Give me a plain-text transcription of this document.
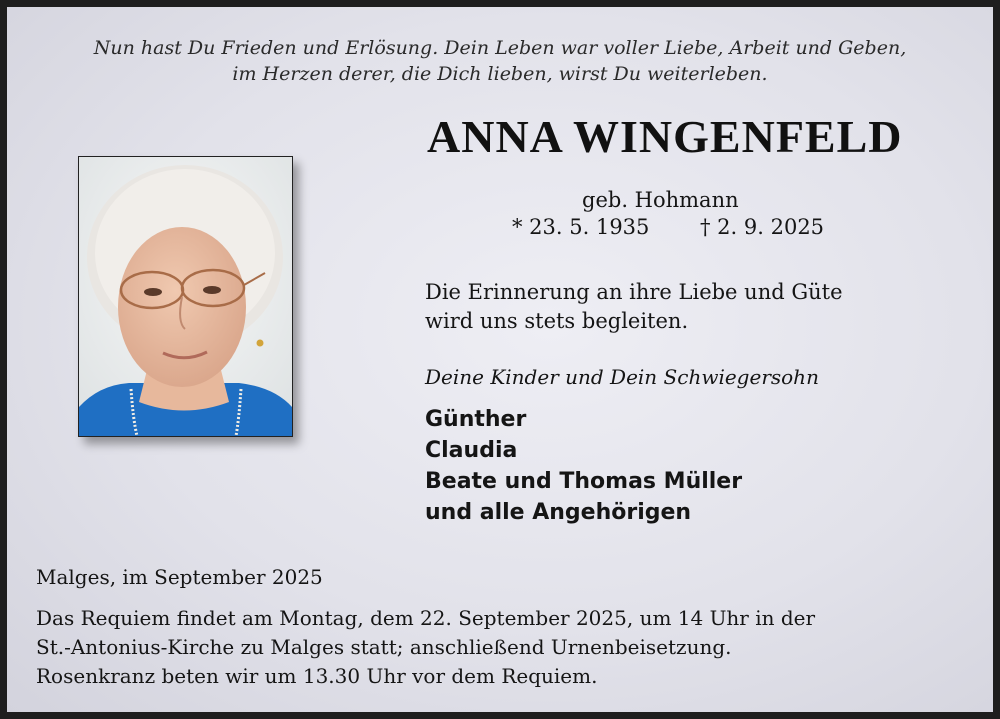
Nun hast Du Frieden und Erlösung. Dein Leben war voller Liebe, Arbeit und Geben,
im Herzen derer, die Dich lieben, wirst Du weiterleben.
ANNA WINGENFELD
geb. Hohmann
* 23. 5. 1935 † 2. 9. 2025
Die Erinnerung an ihre Liebe und Güte
wird uns stets begleiten.
Deine Kinder und Dein Schwiegersohn
Günther
Claudia
Beate und Thomas Müller
und alle Angehörigen
Malges, im September 2025
Das Requiem findet am Montag, dem 22. September 2025, um 14 Uhr in der
St.-Antonius-Kirche zu Malges statt; anschließend Urnenbeisetzung.
Rosenkranz beten wir um 13.30 Uhr vor dem Requiem.
